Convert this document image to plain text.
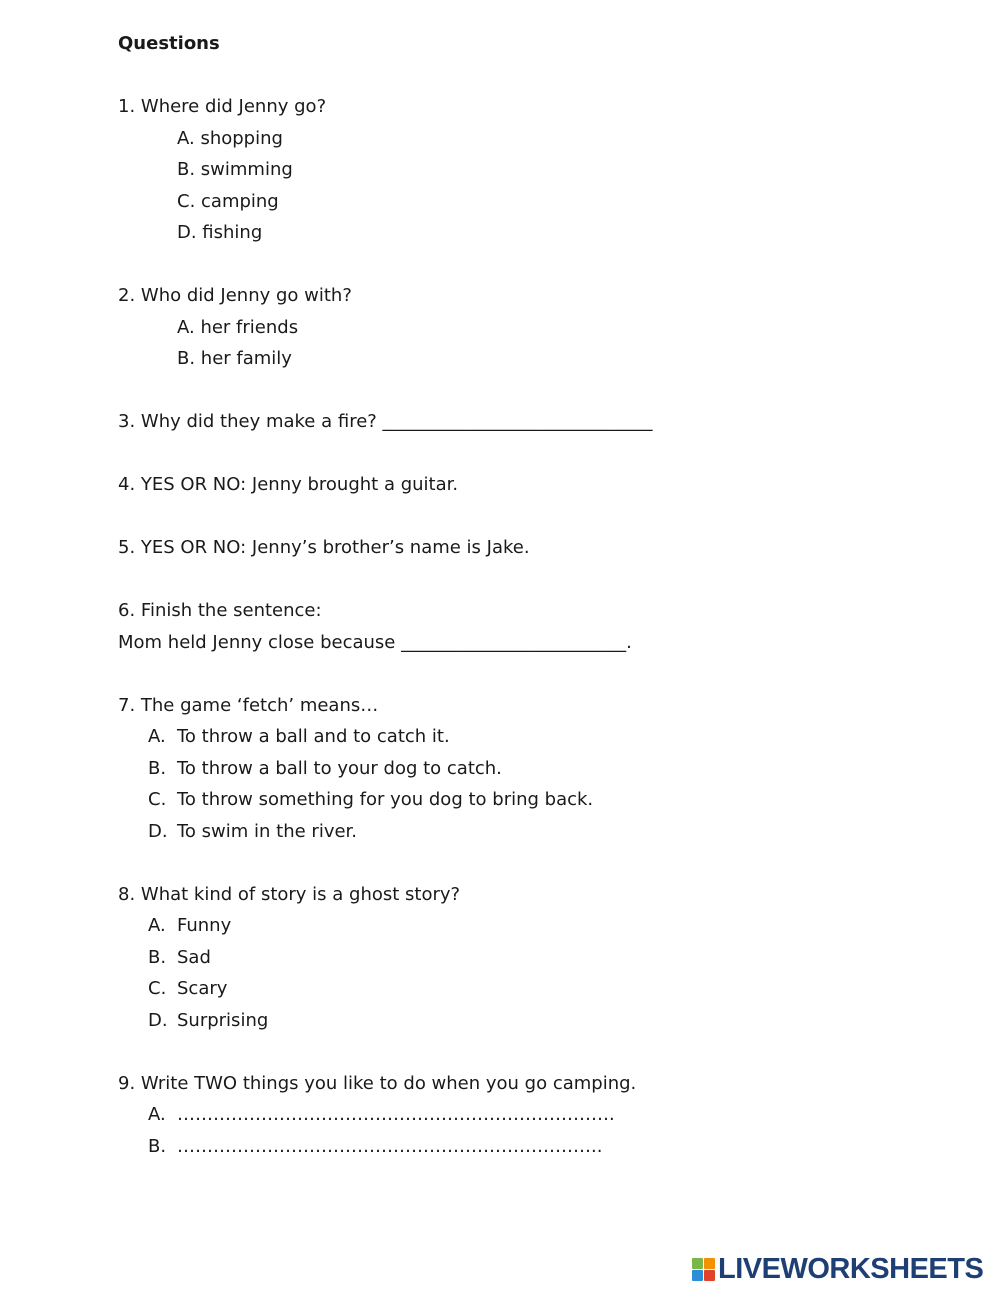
Questions
1. Where did Jenny go?
A. shopping
B. swimming
C. camping
D. fishing
2. Who did Jenny go with?
A. her friends
B. her family
3. Why did they make a fire? ______________________________
4. YES OR NO: Jenny brought a guitar.
5. YES OR NO: Jenny’s brother’s name is Jake.
6. Finish the sentence:
Mom held Jenny close because _________________________.
7. The game ‘fetch’ means…
A. To throw a ball and to catch it.
B. To throw a ball to your dog to catch.
C. To throw something for you dog to bring back.
D. To swim in the river.
8. What kind of story is a ghost story?
A. Funny
B. Sad
C. Scary
D. Surprising
9. Write TWO things you like to do when you go camping.
A. ……………………………………………………………….
B. ……………………………………………………………..
LIVEWORKSHEETS
